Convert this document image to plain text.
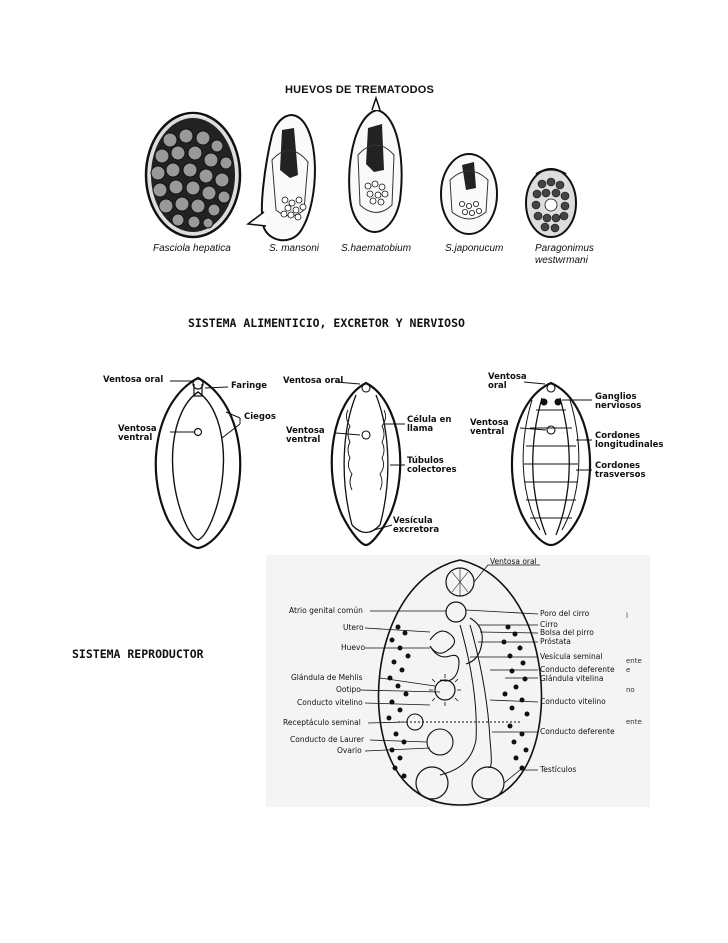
HUEVOS DE TREMATODOS
SISTEMA ALIMENTICIO, EXCRETOR Y NERVIOSO
SISTEMA REPRODUCTOR
Fasciola hepatica	S. mansoni S.haematobium	S.japonucum	Paragonimus westwrmani
Ventosa oral
Faringe
Ciegos
Ventosa ventral
Ventosa oral
Célula en llama
Ventosa ventral
Túbulos colectores
Vesícula excretora
Ventosa oral
Ganglios nerviosos
Ventosa ventral	Cordones longitudinales
Cordones trasversos
Atrio genital común
Utero
Huevo
Glándula de Mehlis
Ootipo
Conducto vitelino
Receptáculo seminal
Conducto de Laurer
Ovario
Ventosa oral
Poro del cirro
Cirro
Bolsa del pirro
Próstata
Vesícula seminal
Conducto deferente
Glándula vitelina
Conducto vitelino
Conducto deferente
Testículos
l
ente
e
no
ente
